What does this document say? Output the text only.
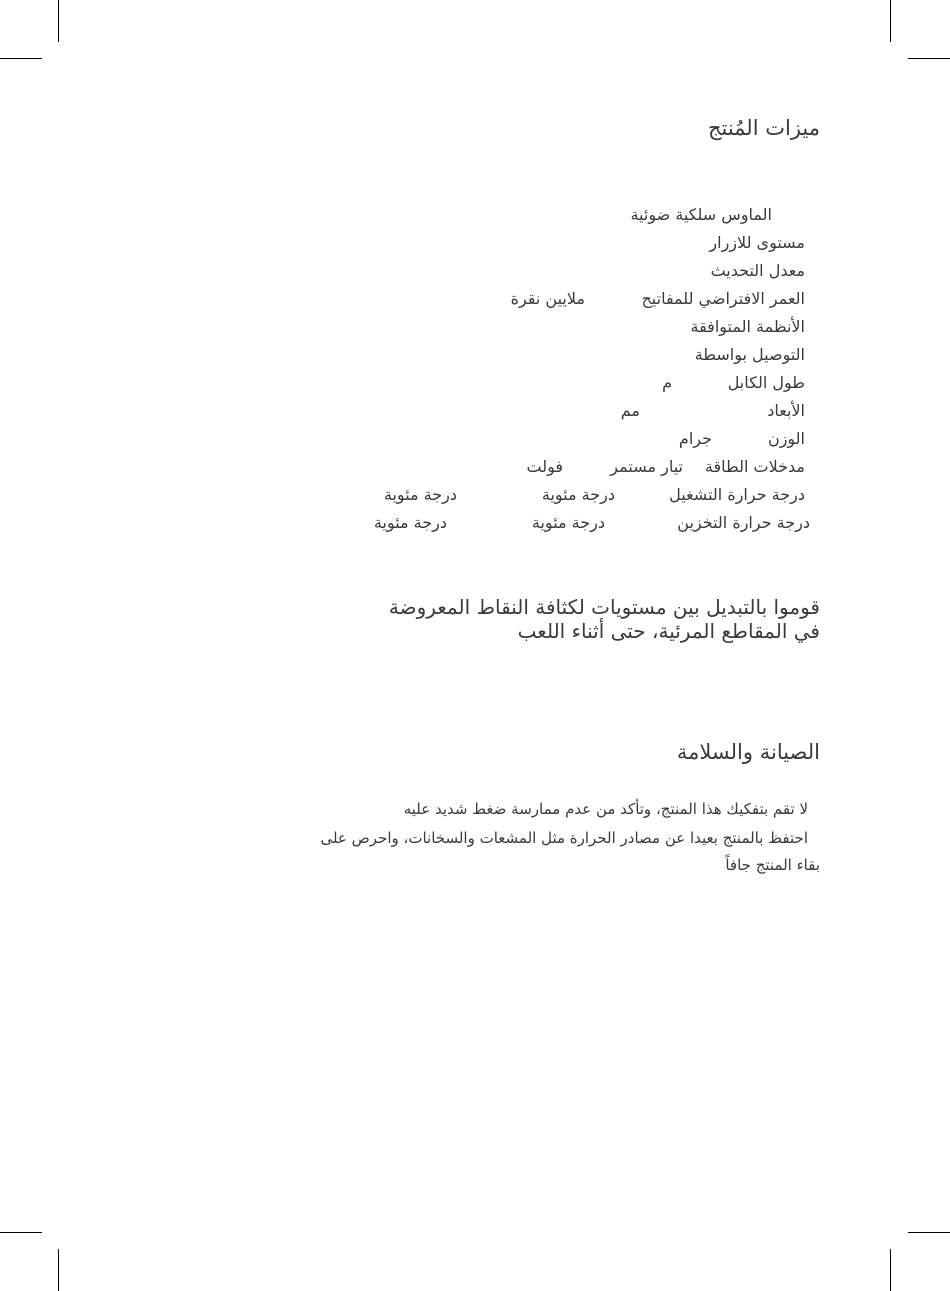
ميزات المُنتج
الماوس سلكية ضوئية
مستوى للازرار
معدل التحديث
العمر الافتراضي للمفاتيح
ملايين نقرة
الأنظمة المتوافقة
التوصيل بواسطة
طول الكابل
م
الأبعاد
مم
الوزن
جرام
مدخلات الطاقة
تيار مستمر
فولت
درجة حرارة التشغيل
درجة مئوية
درجة مئوية
درجة حرارة التخزين
درجة مئوية
درجة مئوية
قوموا بالتبديل بين مستويات لكثافة النقاط المعروضة
في المقاطع المرئية، حتى أثناء اللعب
الصيانة والسلامة
لا تقم بتفكيك هذا المنتج، وتأكد من عدم ممارسة ضغط شديد عليه
احتفظ بالمنتج بعيدا عن مصادر الحرارة مثل المشعات والسخانات، واحرص على
بقاء المنتج جافاً
